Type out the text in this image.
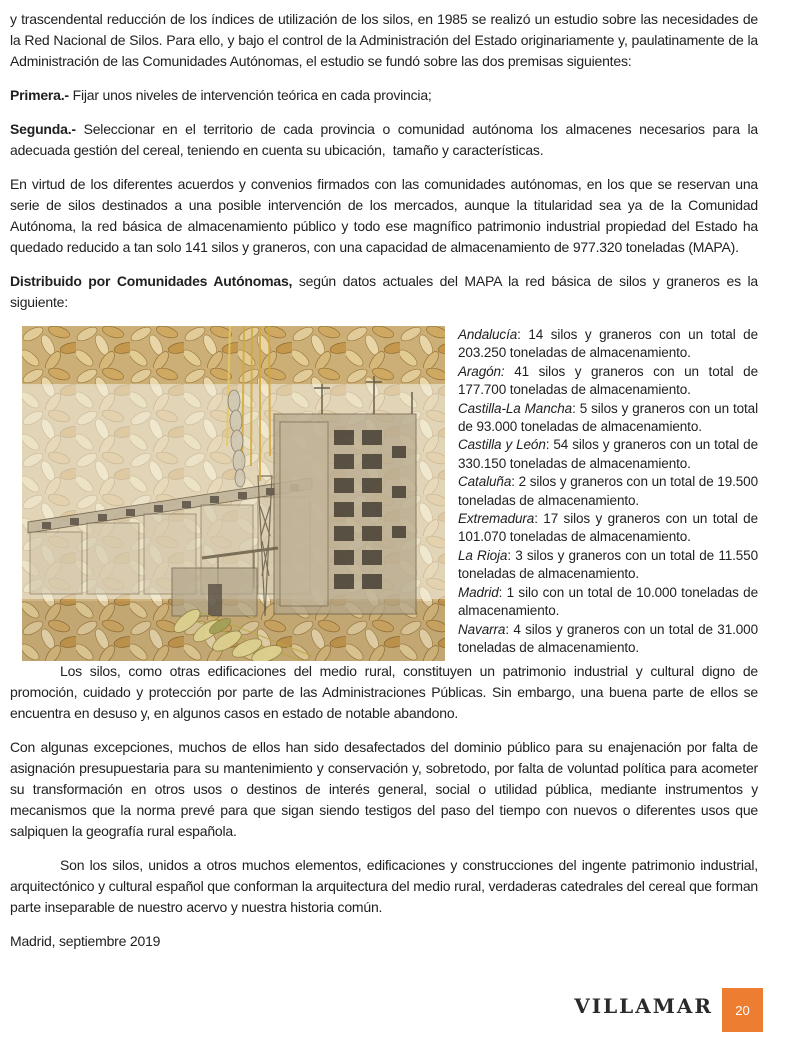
y trascendental reducción de los índices de utilización de los silos, en 1985 se realizó un estudio sobre las necesidades de la Red Nacional de Silos. Para ello, y bajo el control de la Administración del Estado originariamente y, paulatinamente de la Administración de las Comunidades Autónomas, el estudio se fundó sobre las dos premisas siguientes:

Primera.- Fijar unos niveles de intervención teórica en cada provincia;

Segunda.- Seleccionar en el territorio de cada provincia o comunidad autónoma los almacenes necesarios para la adecuada gestión del cereal, teniendo en cuenta su ubicación,  tamaño y características.

En virtud de los diferentes acuerdos y convenios firmados con las comunidades autónomas, en los que se reservan una serie de silos destinados a una posible intervención de los mercados, aunque la titularidad sea ya de la Comunidad Autónoma, la red básica de almacenamiento público y todo ese magnífico patrimonio industrial propiedad del Estado ha quedado reducido a tan solo 141 silos y graneros, con una capacidad de almacenamiento de 977.320 toneladas (MAPA).

Distribuido por Comunidades Autónomas, según datos actuales del MAPA la red básica de silos y graneros es la siguiente:

Andalucía: 14 silos y graneros con un total de 203.250 toneladas de almacenamiento.

Aragón: 41 silos y graneros con un total de 177.700 toneladas de almacenamiento.

Castilla-La Mancha: 5 silos y graneros con un total de 93.000 toneladas de almacenamiento.

Castilla y León: 54 silos y graneros con un total de 330.150 toneladas de almacenamiento.

Cataluña: 2 silos y graneros con un total de 19.500 toneladas de almacenamiento.

Extremadura: 17 silos y graneros con un total de 101.070 toneladas de almacenamiento.

La Rioja: 3 silos y graneros con un total de 11.550 toneladas de almacenamiento.

Madrid: 1 silo con un total de 10.000 toneladas de almacenamiento.

Navarra: 4 silos y graneros con un total de 31.000 toneladas de almacenamiento.

Los silos, como otras edificaciones del medio rural, constituyen un patrimonio industrial y cultural digno de promoción, cuidado y protección por parte de las Administraciones Públicas. Sin embargo, una buena parte de ellos se encuentra en desuso y, en algunos casos en estado de notable abandono.

Con algunas excepciones, muchos de ellos han sido desafectados del dominio público para su enajenación por falta de asignación presupuestaria para su mantenimiento y conservación y, sobretodo, por falta de voluntad política para acometer su transformación en otros usos o destinos de interés general, social o utilidad pública, mediante instrumentos y mecanismos que la norma prevé para que sigan siendo testigos del paso del tiempo con nuevos o diferentes usos que salpiquen la geografía rural española.

Son los silos, unidos a otros muchos elementos, edificaciones y construcciones del ingente patrimonio industrial, arquitectónico y cultural español que conforman la arquitectura del medio rural, verdaderas catedrales del cereal que forman parte inseparable de nuestro acervo y nuestra historia común.

Madrid, septiembre 2019

VILLAMAR	20
